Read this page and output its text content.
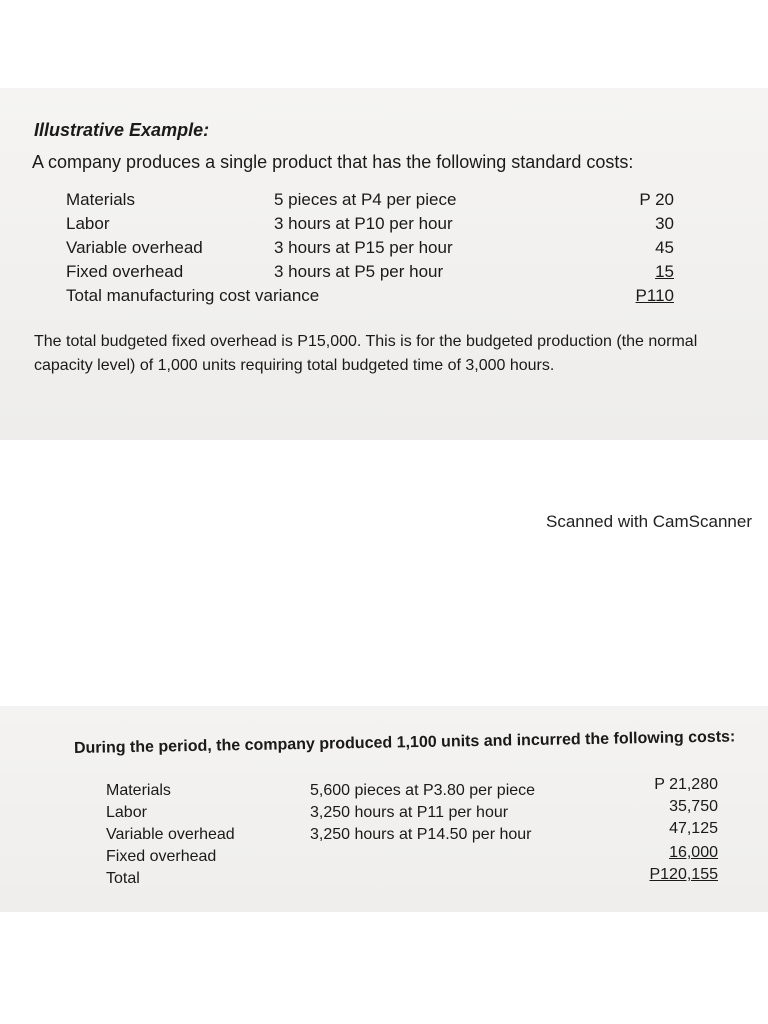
Illustrative Example:
A company produces a single product that has the following standard costs:
Materials	5 pieces at P4 per piece	P 20
Labor	3 hours at P10 per hour	30
Variable overhead	3 hours at P15 per hour	45
Fixed overhead	3 hours at P5 per hour	15
Total manufacturing cost variance	P110
The total budgeted fixed overhead is P15,000. This is for the budgeted production (the normal capacity level) of 1,000 units requiring total budgeted time of 3,000 hours.
Scanned with CamScanner
During the period, the company produced 1,100 units and incurred the following costs:
Materials	5,600 pieces at P3.80 per piece	P 21,280
Labor	3,250 hours at P11 per hour	35,750
Variable overhead	3,250 hours at P14.50 per hour	47,125
Fixed overhead	16,000
Total	P120,155
